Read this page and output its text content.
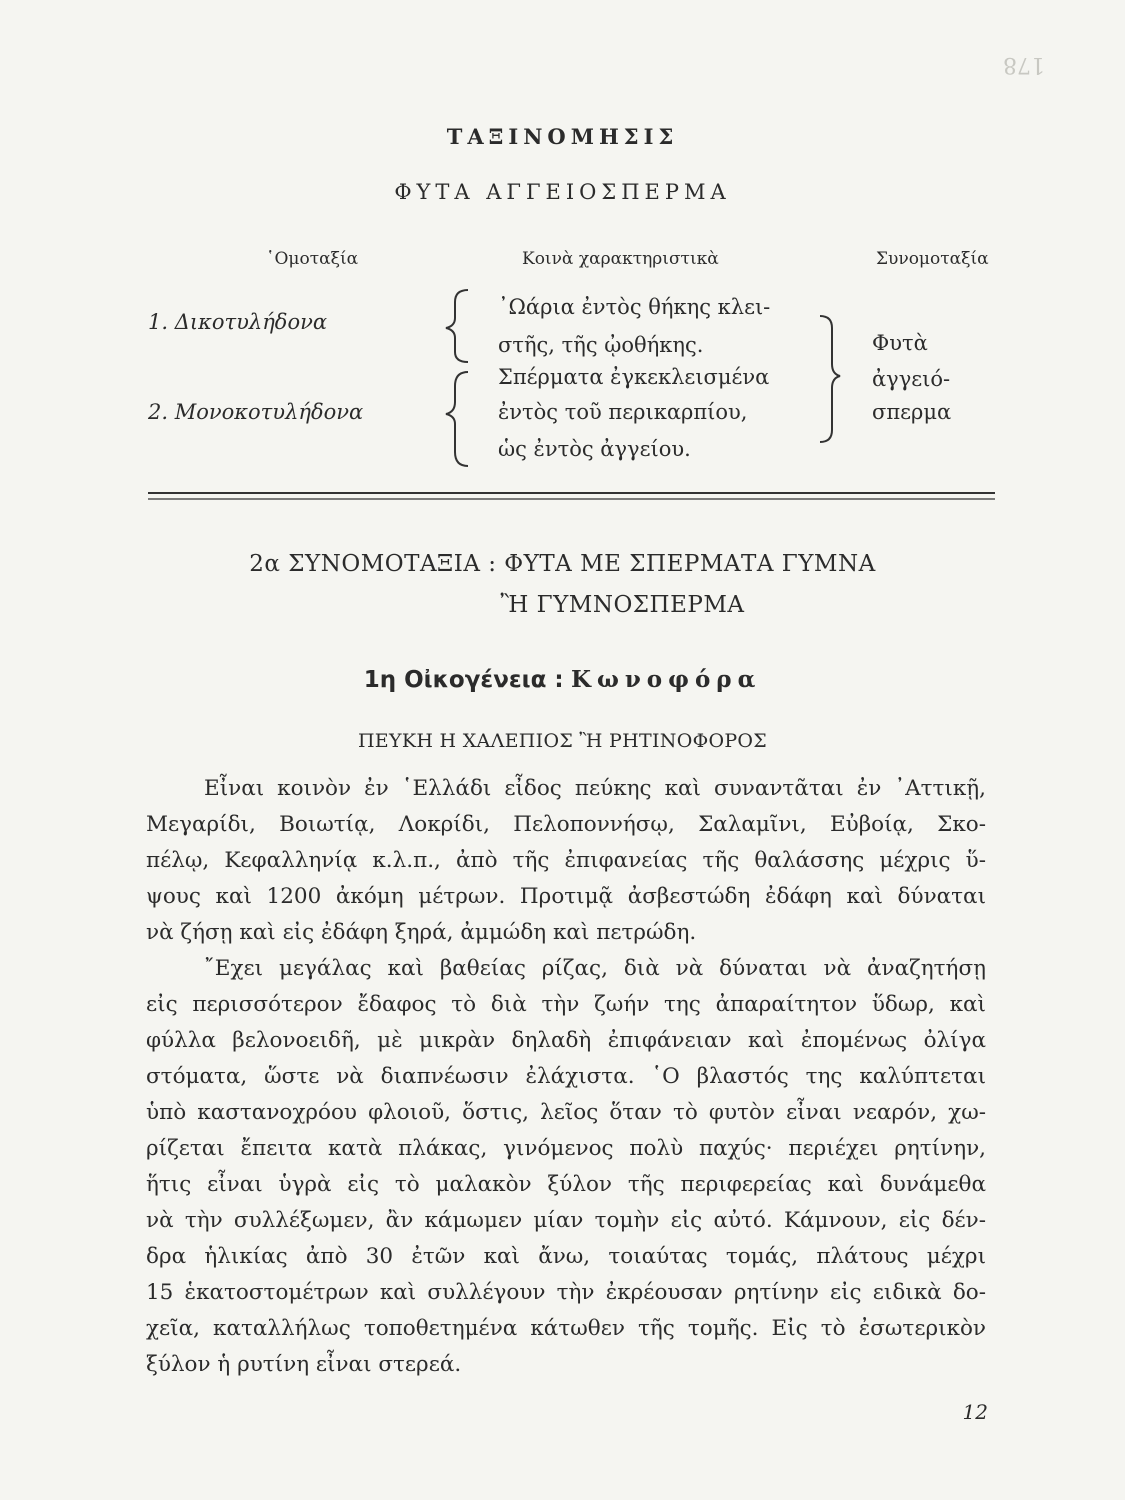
178
ΤΑΞΙΝΟΜΗΣΙΣ
ΦΥΤΑ ΑΓΓΕΙΟΣΠΕΡΜΑ
῾Ομοταξία	Κοινὰ χαρακτηριστικὰ	Συνομοταξία
1. Δικοτυλήδονα
2. Μονοκοτυλήδονα
᾿Ωάρια ἐντὸς θήκης κλει-
στῆς, τῆς ᾠοθήκης.
Σπέρματα ἐγκεκλεισμένα
ἐντὸς τοῦ περικαρπίου,
ὡς ἐντὸς ἀγγείου.
Φυτὰ
ἀγγειό-
σπερμα
2α ΣΥΝΟΜΟΤΑΞΙΑ : ΦΥΤΑ ΜΕ ΣΠΕΡΜΑΤΑ ΓΥΜΝΑ
Ἢ ΓΥΜΝΟΣΠΕΡΜΑ
1η Οἰκογένεια : Κωνοφόρα
ΠΕΥΚΗ Η ΧΑΛΕΠΙΟΣ Ἢ ΡΗΤΙΝΟΦΟΡΟΣ
Εἶναι κοινὸν ἐν ῾Ελλάδι εἶδος πεύκης καὶ συναντᾶται ἐν ᾿Αττικῇ,
Μεγαρίδι, Βοιωτίᾳ, Λοκρίδι, Πελοποννήσῳ, Σαλαμῖνι, Εὐβοίᾳ, Σκο-
πέλῳ, Κεφαλληνίᾳ κ.λ.π., ἀπὸ τῆς ἐπιφανείας τῆς θαλάσσης μέχρις ὕ-
ψους καὶ 1200 ἀκόμη μέτρων. Προτιμᾷ ἀσβεστώδη ἐδάφη καὶ δύναται
νὰ ζήσῃ καὶ εἰς ἐδάφη ξηρά, ἀμμώδη καὶ πετρώδη.
῎Εχει μεγάλας καὶ βαθείας ρίζας, διὰ νὰ δύναται νὰ ἀναζητήσῃ
εἰς περισσότερον ἔδαφος τὸ διὰ τὴν ζωήν της ἀπαραίτητον ὕδωρ, καὶ
φύλλα βελονοειδῆ, μὲ μικρὰν δηλαδὴ ἐπιφάνειαν καὶ ἐπομένως ὀλίγα
στόματα, ὥστε νὰ διαπνέωσιν ἐλάχιστα. ῾Ο βλαστός της καλύπτεται
ὑπὸ καστανοχρόου φλοιοῦ, ὅστις, λεῖος ὅταν τὸ φυτὸν εἶναι νεαρόν, χω-
ρίζεται ἔπειτα κατὰ πλάκας, γινόμενος πολὺ παχύς· περιέχει ρητίνην,
ἥτις εἶναι ὑγρὰ εἰς τὸ μαλακὸν ξύλον τῆς περιφερείας καὶ δυνάμεθα
νὰ τὴν συλλέξωμεν, ἂν κάμωμεν μίαν τομὴν εἰς αὐτό. Κάμνουν, εἰς δέν-
δρα ἡλικίας ἀπὸ 30 ἐτῶν καὶ ἄνω, τοιαύτας τομάς, πλάτους μέχρι
15 ἑκατοστομέτρων καὶ συλλέγουν τὴν ἐκρέουσαν ρητίνην εἰς ειδικὰ δο-
χεῖα, καταλλήλως τοποθετημένα κάτωθεν τῆς τομῆς. Εἰς τὸ ἐσωτερικὸν
ξύλον ἡ ρυτίνη εἶναι στερεά.
12
